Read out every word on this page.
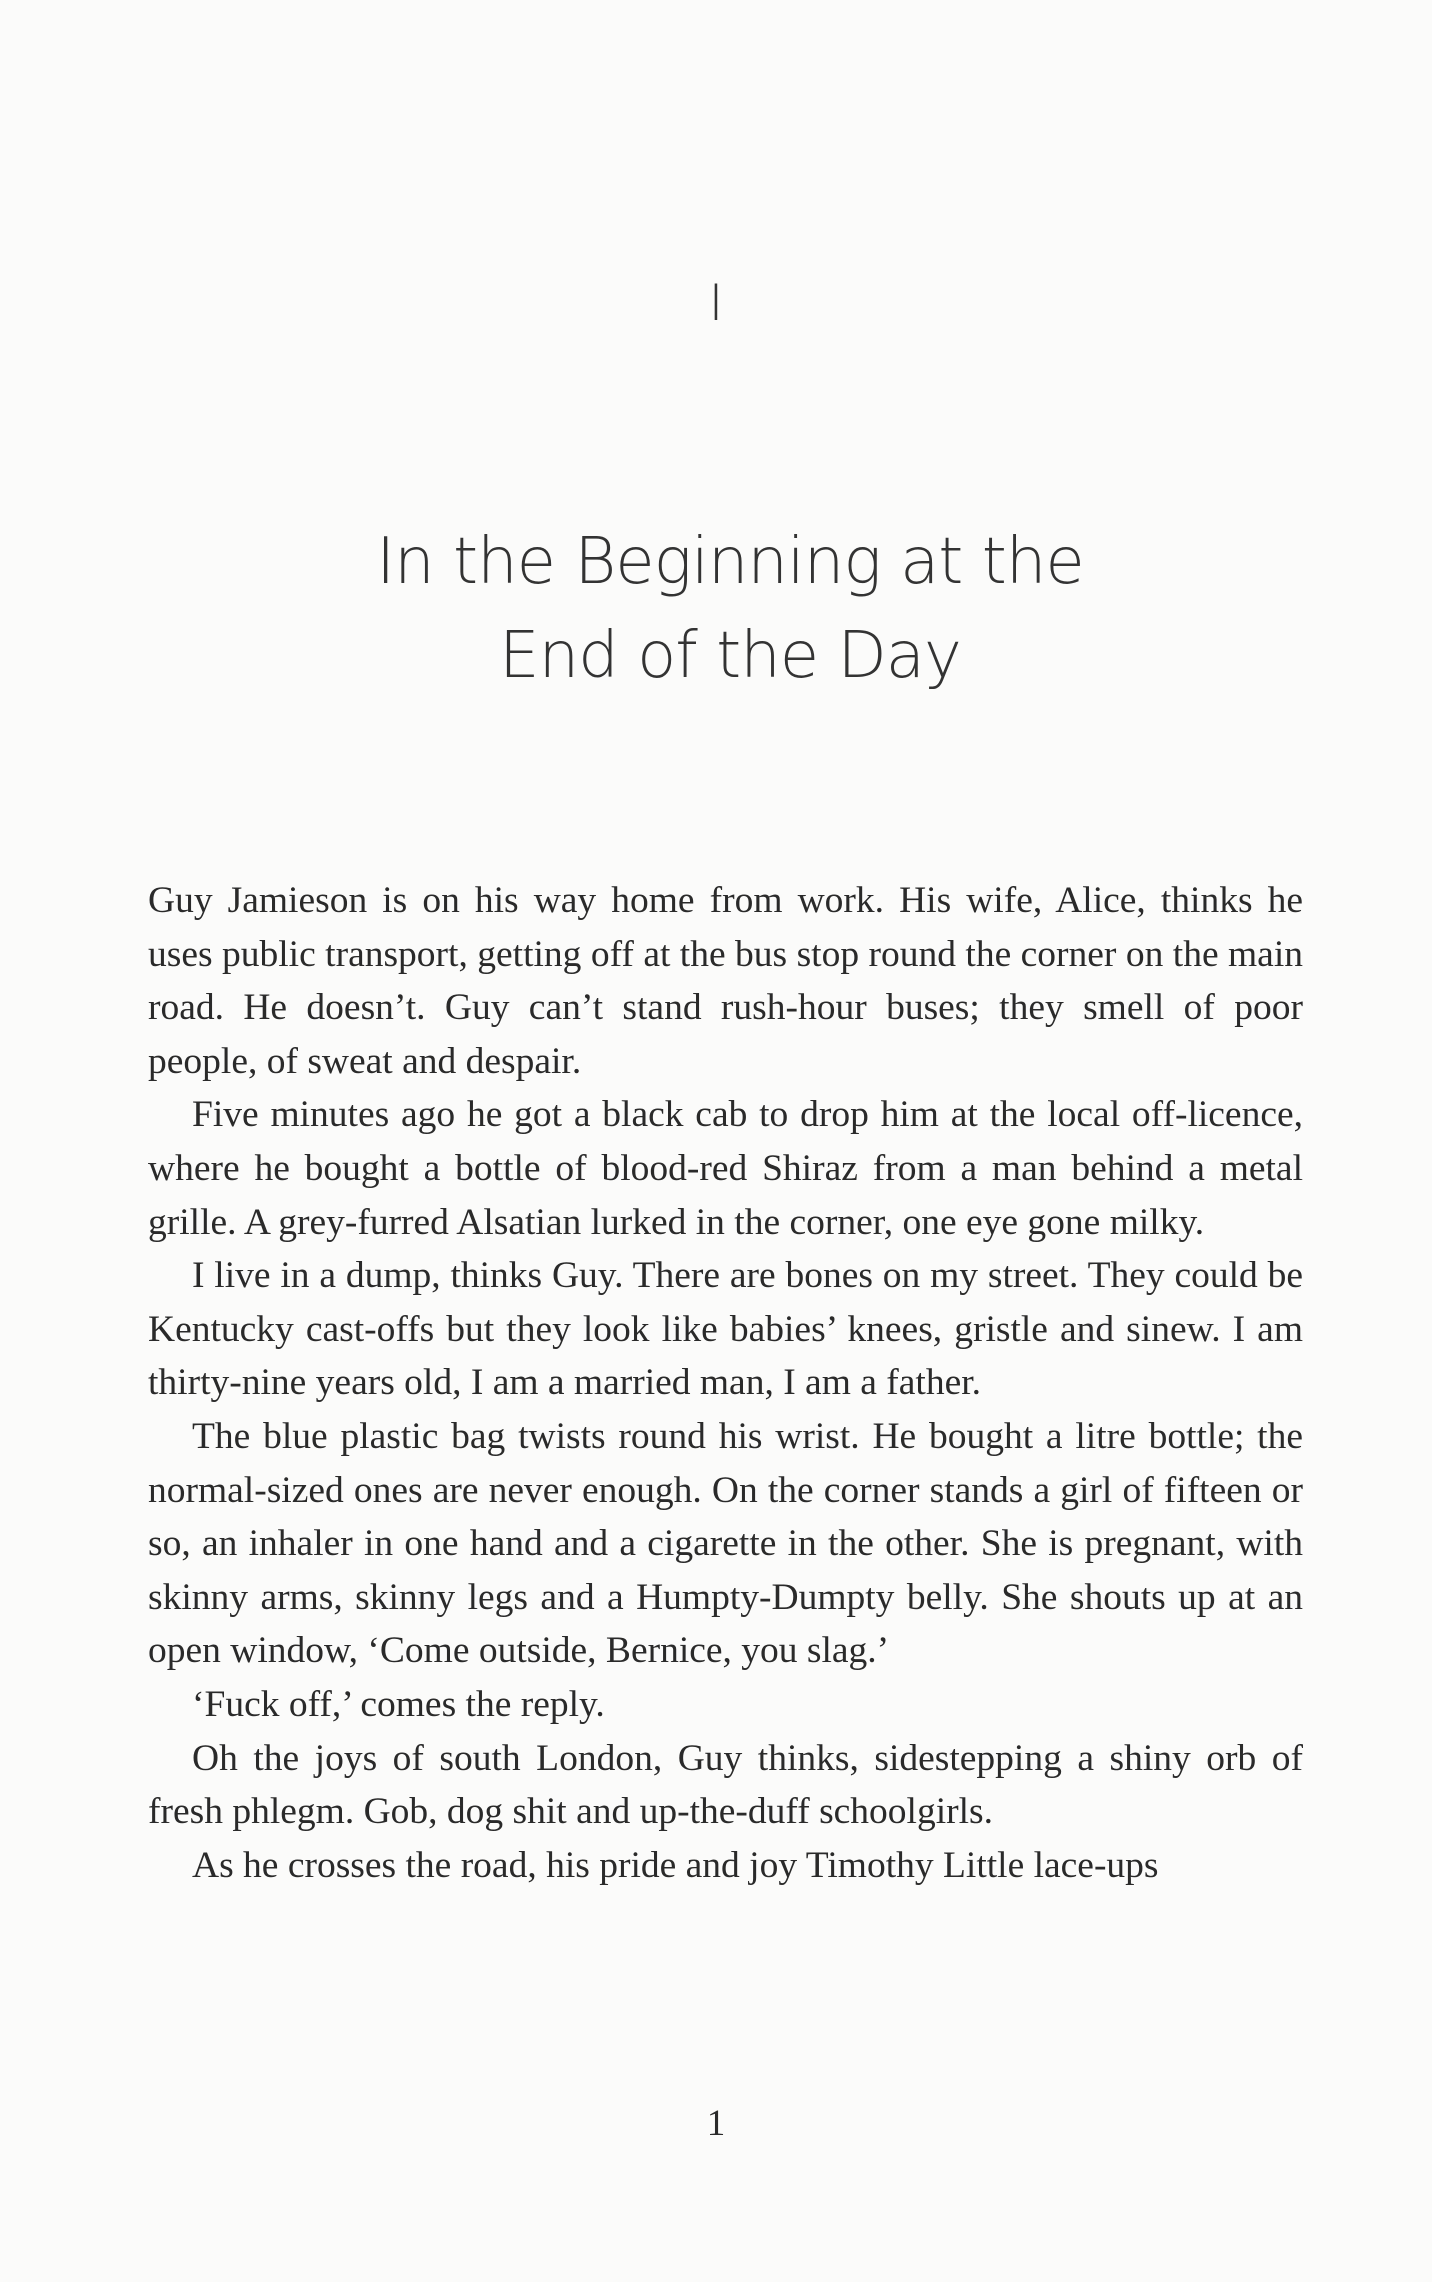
I
In the Beginning at the
End of the Day

Guy Jamieson is on his way home from work. His wife, Alice, thinks he uses public transport, getting off at the bus stop round the corner on the main road. He doesn’t. Guy can’t stand rush-hour buses; they smell of poor people, of sweat and despair.

Five minutes ago he got a black cab to drop him at the local off-licence, where he bought a bottle of blood-red Shiraz from a man behind a metal grille. A grey-furred Alsatian lurked in the corner, one eye gone milky.

I live in a dump, thinks Guy. There are bones on my street. They could be Kentucky cast-offs but they look like babies’ knees, gristle and sinew. I am thirty-nine years old, I am a married man, I am a father.

The blue plastic bag twists round his wrist. He bought a litre bottle; the normal-sized ones are never enough. On the corner stands a girl of fifteen or so, an inhaler in one hand and a cigarette in the other. She is pregnant, with skinny arms, skinny legs and a Humpty-Dumpty belly. She shouts up at an open window, ‘Come outside, Bernice, you slag.’

‘Fuck off,’ comes the reply.

Oh the joys of south London, Guy thinks, sidestepping a shiny orb of fresh phlegm. Gob, dog shit and up-the-duff schoolgirls.

As he crosses the road, his pride and joy Timothy Little lace-ups

1
